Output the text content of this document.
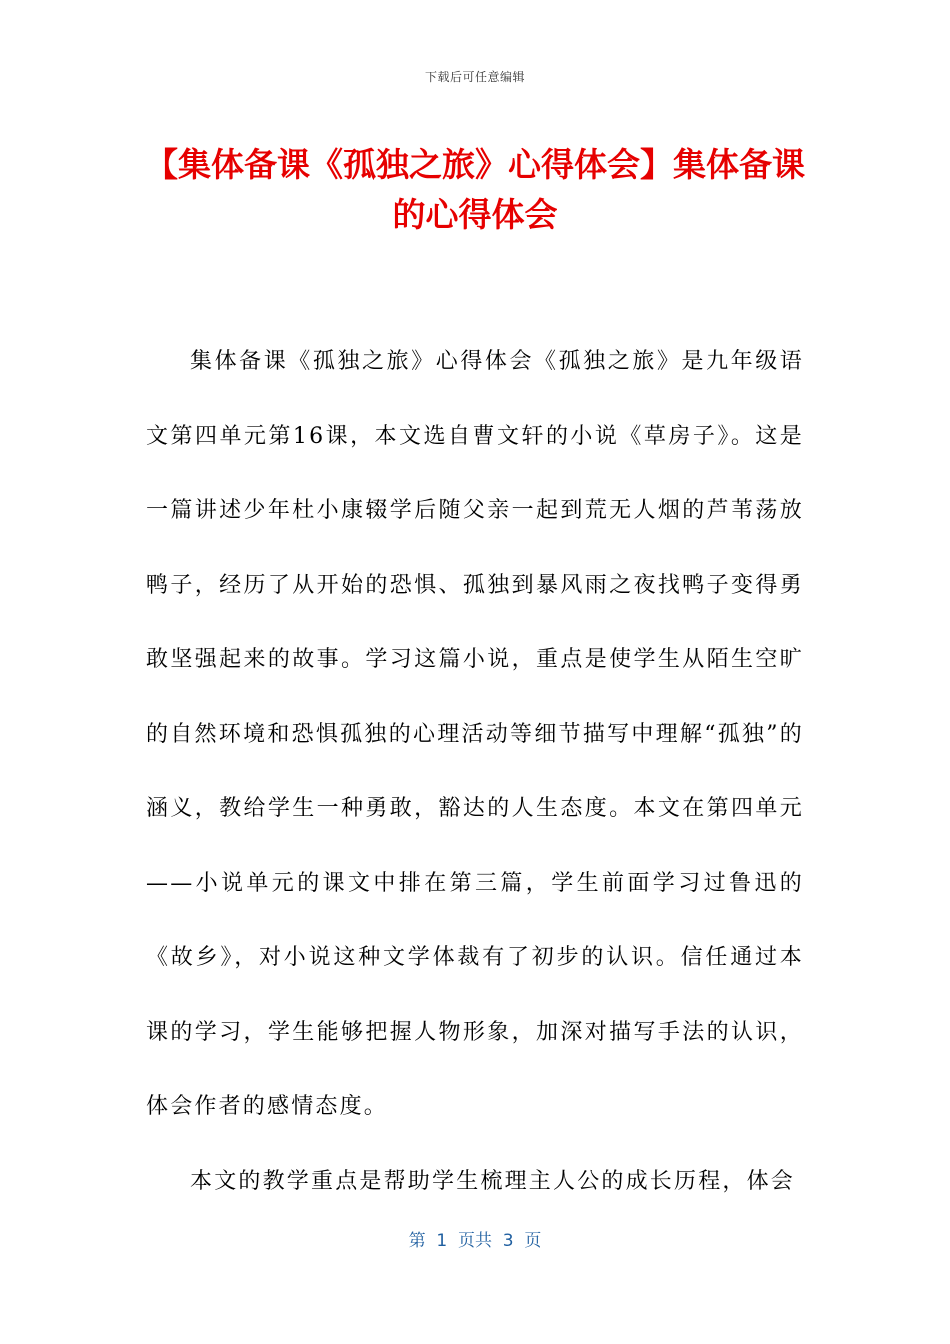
下载后可任意编辑
【集体备课《孤独之旅》心得体会】集体备课的心得体会

集体备课《孤独之旅》心得体会《孤独之旅》是九年级语文第四单元第16课，本文选自曹文轩的小说《草房子》。这是一篇讲述少年杜小康辍学后随父亲一起到荒无人烟的芦苇荡放鸭子，经历了从开始的恐惧、孤独到暴风雨之夜找鸭子变得勇敢坚强起来的故事。学习这篇小说，重点是使学生从陌生空旷的自然环境和恐惧孤独的心理活动等细节描写中理解“孤独”的涵义，教给学生一种勇敢，豁达的人生态度。本文在第四单元——小说单元的课文中排在第三篇，学生前面学习过鲁迅的《故乡》，对小说这种文学体裁有了初步的认识。信任通过本课的学习，学生能够把握人物形象，加深对描写手法的认识，体会作者的感情态度。

本文的教学重点是帮助学生梳理主人公的成长历程，体会

第  1  页共  3  页
